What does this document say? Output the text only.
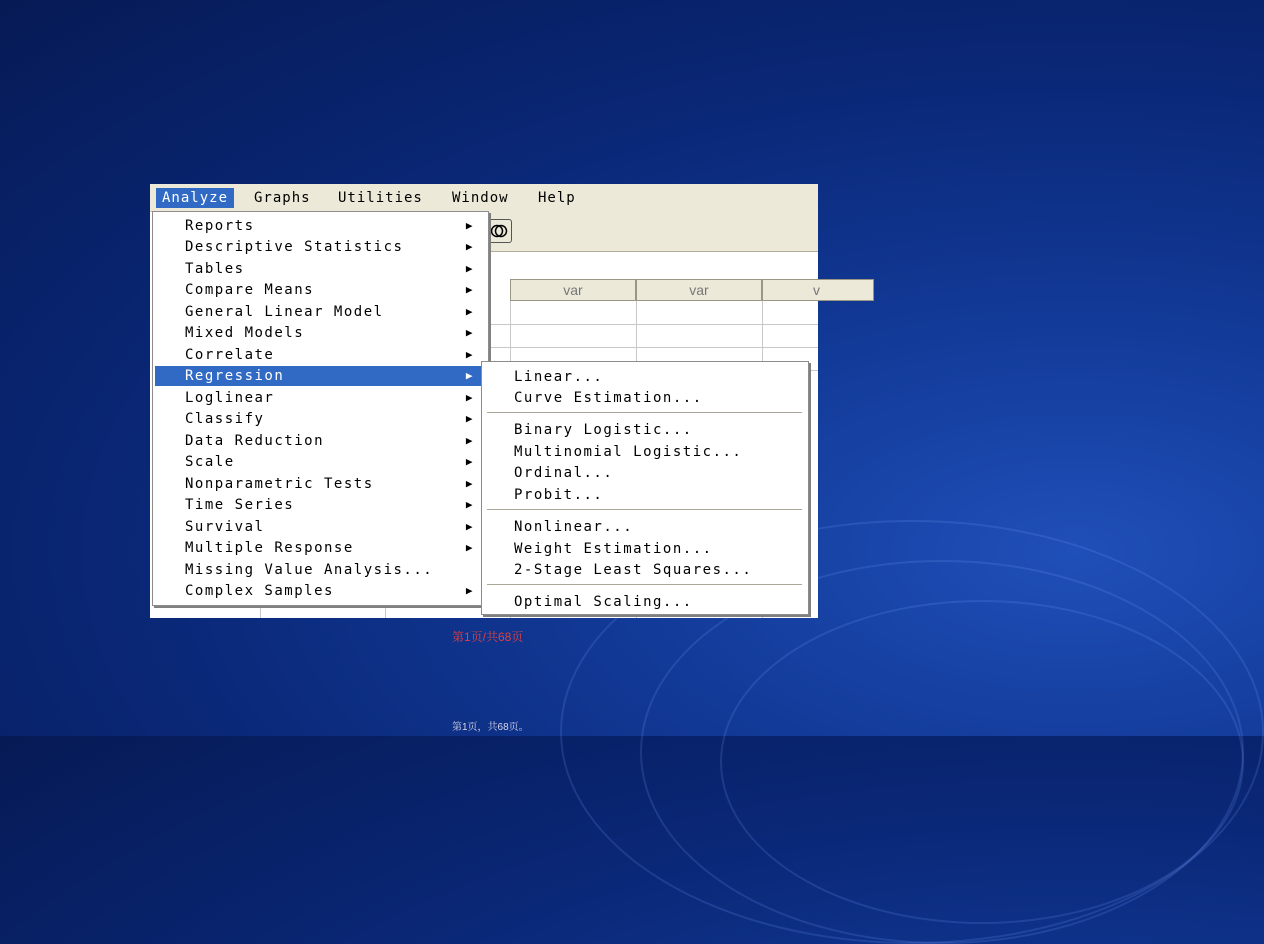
Analyze	Graphs	Utilities	Window	Help
var	var	v
Reports	▶
Descriptive Statistics	▶
Tables	▶
Compare Means	▶
General Linear Model	▶
Mixed Models	▶
Correlate	▶
Regression	▶
Loglinear	▶
Classify	▶
Data Reduction	▶
Scale	▶
Nonparametric Tests	▶
Time Series	▶
Survival	▶
Multiple Response	▶
Missing Value Analysis...
Complex Samples	▶
Linear...
Curve Estimation...
Binary Logistic...
Multinomial Logistic...
Ordinal...
Probit...
Nonlinear...
Weight Estimation...
2-Stage Least Squares...
Optimal Scaling...
第1页/共68页
第1页，共68页。
